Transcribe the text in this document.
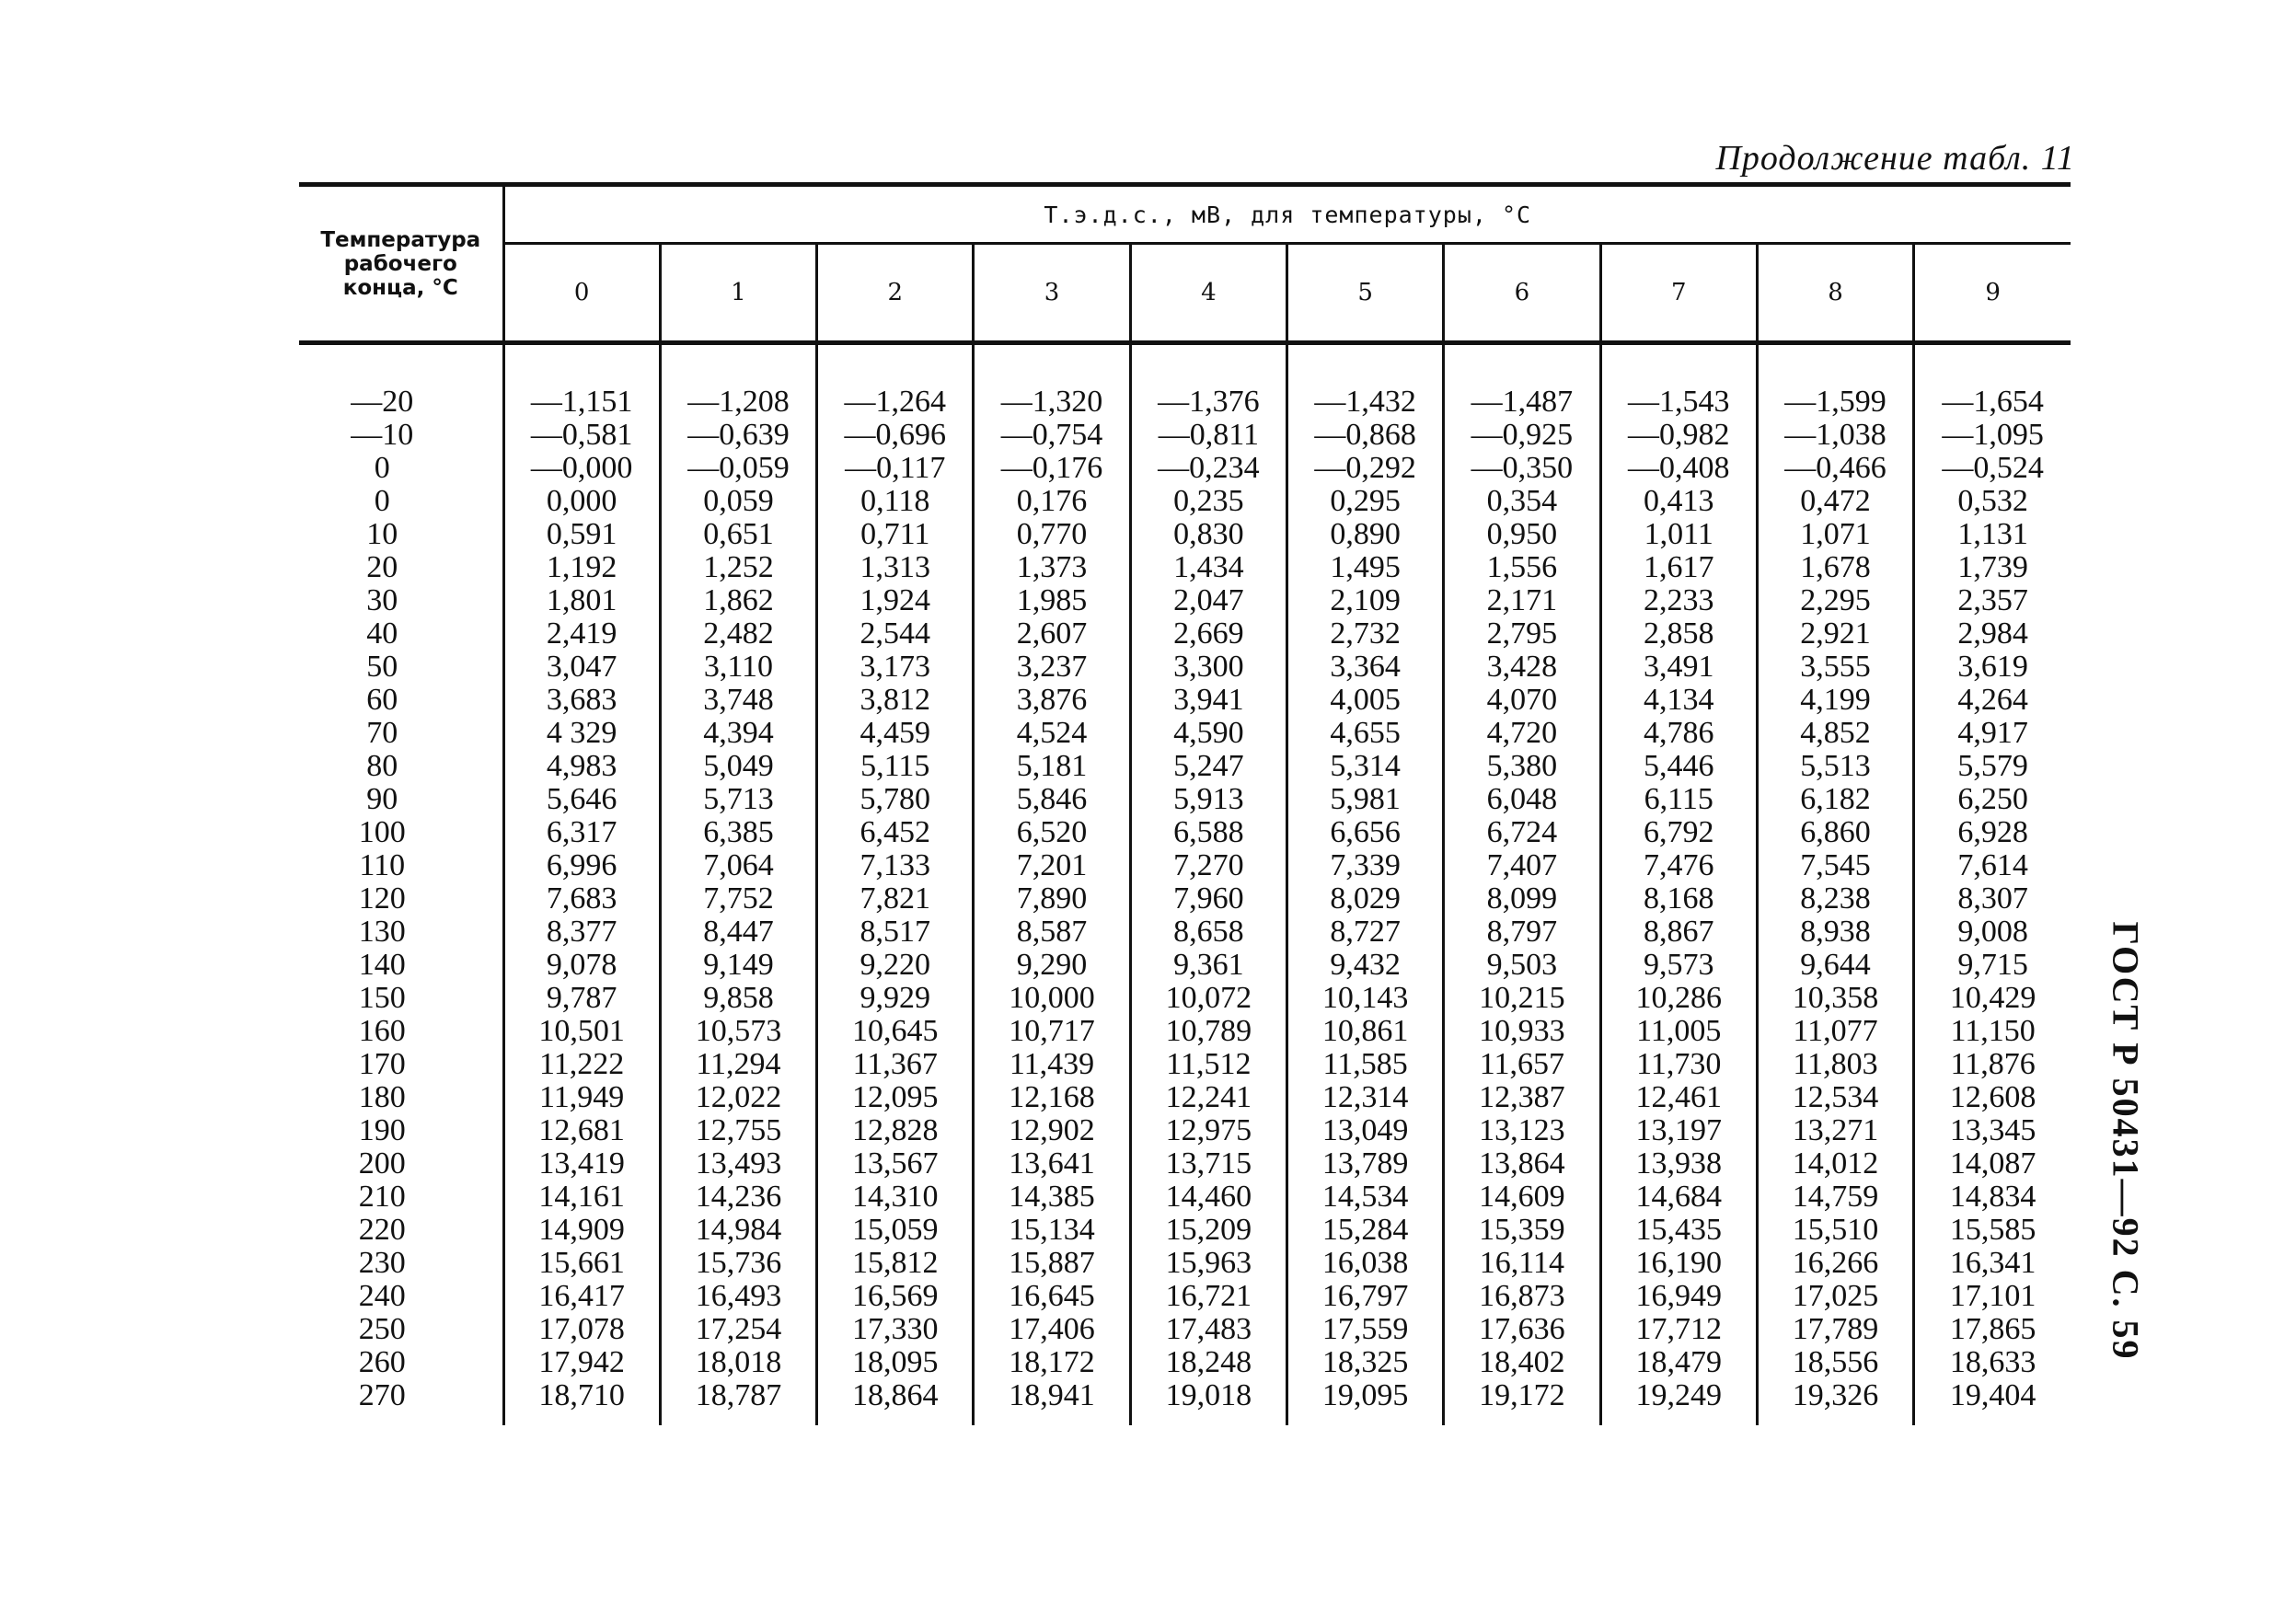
Продолжение табл. 11
ГОСТ Р 50431—92 С. 59

Температура рабочего конца, °С	Т.э.д.с., мВ, для температуры, °С									
	0	1	2	3	4	5	6	7	8	9

—20	—1,151	—1,208	—1,264	—1,320	—1,376	—1,432	—1,487	—1,543	—1,599	—1,654
—10	—0,581	—0,639	—0,696	—0,754	—0,811	—0,868	—0,925	—0,982	—1,038	—1,095
0	—0,000	—0,059	—0,117	—0,176	—0,234	—0,292	—0,350	—0,408	—0,466	—0,524
0	0,000	0,059	0,118	0,176	0,235	0,295	0,354	0,413	0,472	0,532
10	0,591	0,651	0,711	0,770	0,830	0,890	0,950	1,011	1,071	1,131
20	1,192	1,252	1,313	1,373	1,434	1,495	1,556	1,617	1,678	1,739
30	1,801	1,862	1,924	1,985	2,047	2,109	2,171	2,233	2,295	2,357
40	2,419	2,482	2,544	2,607	2,669	2,732	2,795	2,858	2,921	2,984
50	3,047	3,110	3,173	3,237	3,300	3,364	3,428	3,491	3,555	3,619
60	3,683	3,748	3,812	3,876	3,941	4,005	4,070	4,134	4,199	4,264
70	4 329	4,394	4,459	4,524	4,590	4,655	4,720	4,786	4,852	4,917
80	4,983	5,049	5,115	5,181	5,247	5,314	5,380	5,446	5,513	5,579
90	5,646	5,713	5,780	5,846	5,913	5,981	6,048	6,115	6,182	6,250
100	6,317	6,385	6,452	6,520	6,588	6,656	6,724	6,792	6,860	6,928
110	6,996	7,064	7,133	7,201	7,270	7,339	7,407	7,476	7,545	7,614
120	7,683	7,752	7,821	7,890	7,960	8,029	8,099	8,168	8,238	8,307
130	8,377	8,447	8,517	8,587	8,658	8,727	8,797	8,867	8,938	9,008
140	9,078	9,149	9,220	9,290	9,361	9,432	9,503	9,573	9,644	9,715
150	9,787	9,858	9,929	10,000	10,072	10,143	10,215	10,286	10,358	10,429
160	10,501	10,573	10,645	10,717	10,789	10,861	10,933	11,005	11,077	11,150
170	11,222	11,294	11,367	11,439	11,512	11,585	11,657	11,730	11,803	11,876
180	11,949	12,022	12,095	12,168	12,241	12,314	12,387	12,461	12,534	12,608
190	12,681	12,755	12,828	12,902	12,975	13,049	13,123	13,197	13,271	13,345
200	13,419	13,493	13,567	13,641	13,715	13,789	13,864	13,938	14,012	14,087
210	14,161	14,236	14,310	14,385	14,460	14,534	14,609	14,684	14,759	14,834
220	14,909	14,984	15,059	15,134	15,209	15,284	15,359	15,435	15,510	15,585
230	15,661	15,736	15,812	15,887	15,963	16,038	16,114	16,190	16,266	16,341
240	16,417	16,493	16,569	16,645	16,721	16,797	16,873	16,949	17,025	17,101
250	17,078	17,254	17,330	17,406	17,483	17,559	17,636	17,712	17,789	17,865
260	17,942	18,018	18,095	18,172	18,248	18,325	18,402	18,479	18,556	18,633
270	18,710	18,787	18,864	18,941	19,018	19,095	19,172	19,249	19,326	19,404
